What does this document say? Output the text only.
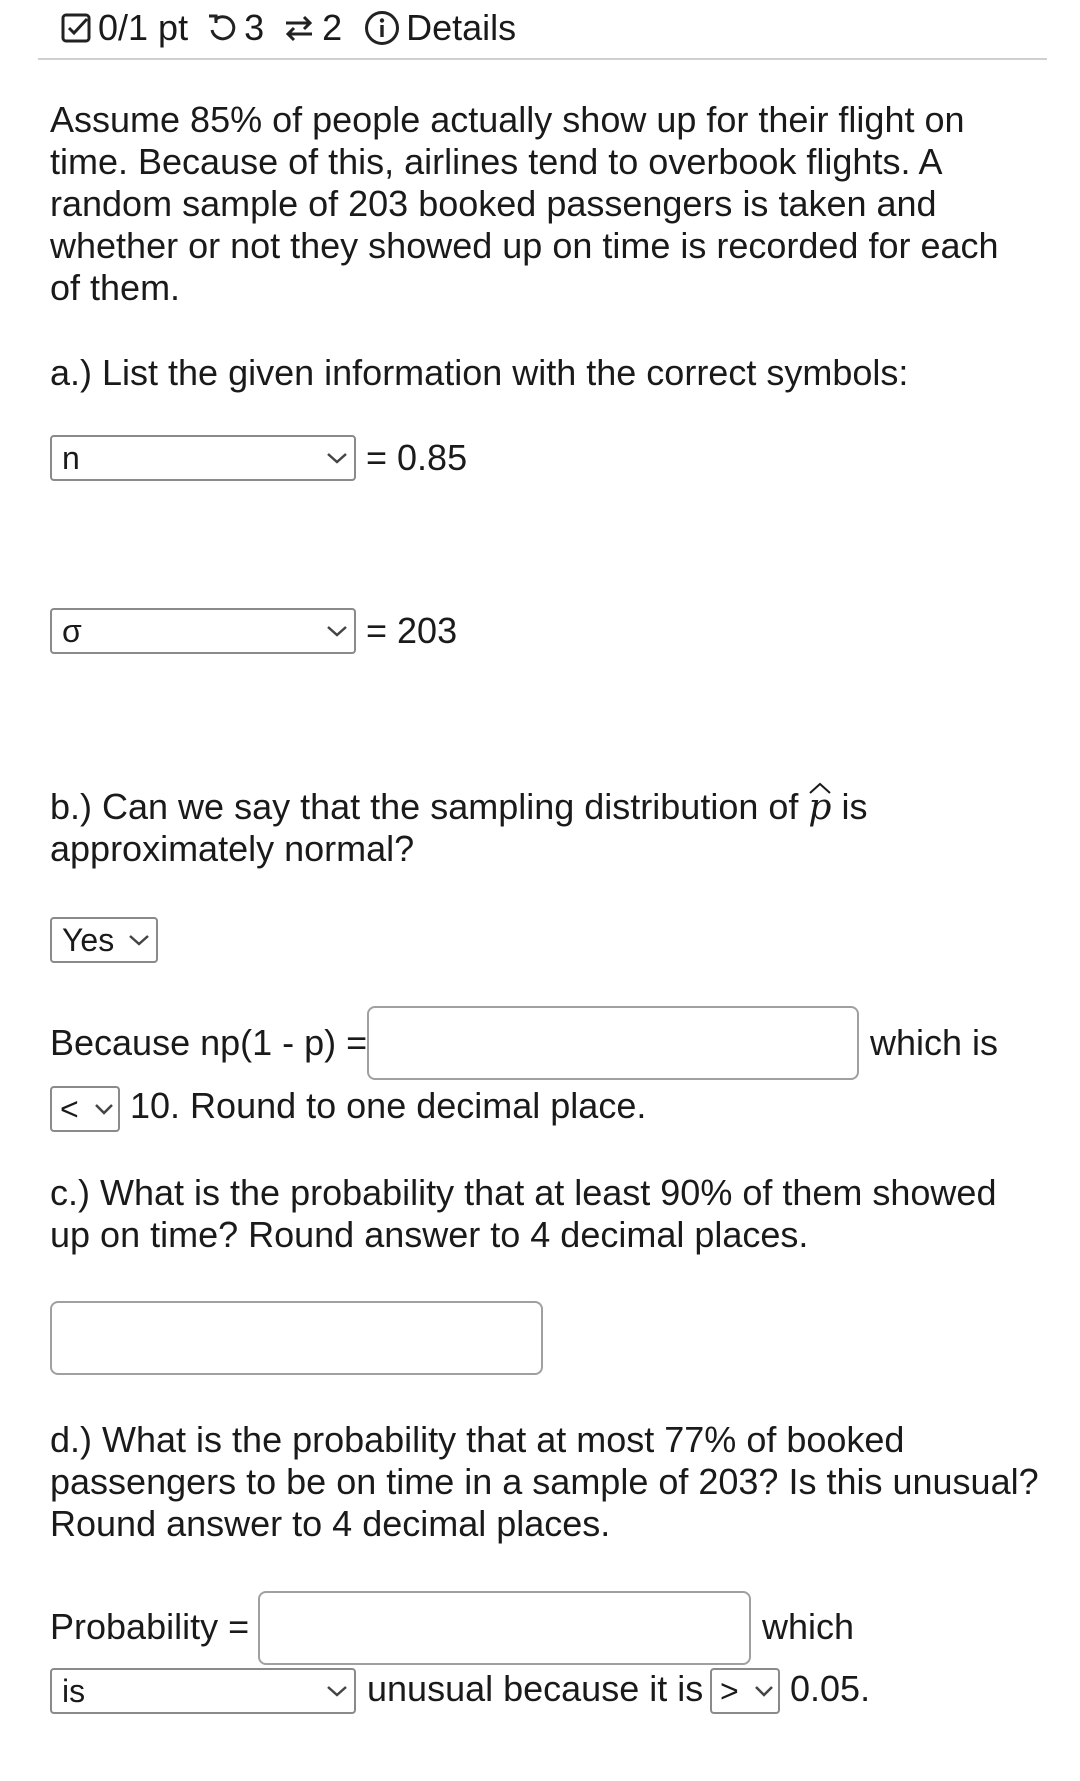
0/1 pt 3 2 Details
Assume 85% of people actually show up for their flight on
time. Because of this, airlines tend to overbook flights. A
random sample of 203 booked passengers is taken and
whether or not they showed up on time is recorded for each
of them.
a.) List the given information with the correct symbols:
n	= 0.85
σ	= 203
b.) Can we say that the sampling distribution of
p is
approximately normal?
Yes
Because np(1 - p) =	which is
< 10. Round to one decimal place.
c.) What is the probability that at least 90% of them showed
up on time? Round answer to 4 decimal places.
d.) What is the probability that at most 77% of booked
passengers to be on time in a sample of 203? Is this unusual?
Round answer to 4 decimal places.
Probability =	which
is	unusual because it is > 0.05.
